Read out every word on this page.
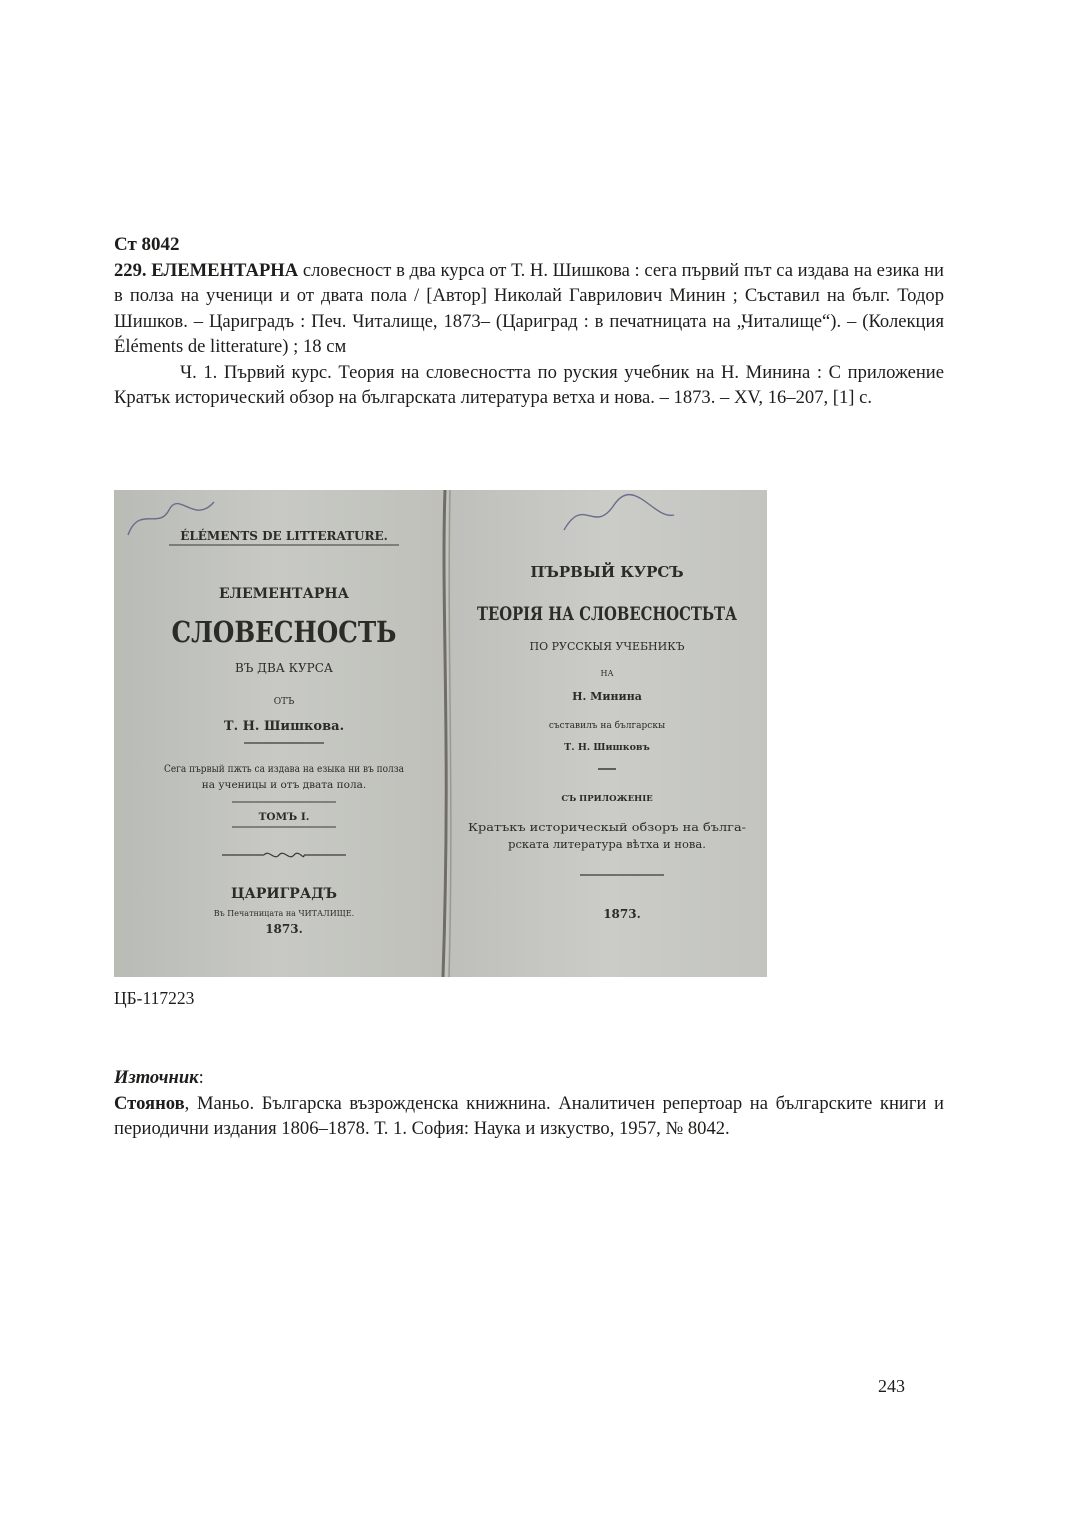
Ст 8042

229. ЕЛЕМЕНТАРНА словесност в два курса от Т. Н. Шишкова : сега първий път са издава на езика ни в полза на ученици и от двата пола / [Автор] Николай Гаврилович Минин ; Съставил на бълг. Тодор Шишков. – Цариградъ : Печ. Читалище, 1873– (Цариград : в печатницата на „Читалище“). – (Колекция Éléments de litterature) ; 18 см

Ч. 1. Първий курс. Теория на словесността по руския учебник на Н. Минина : С приложение Кратък исторический обзор на българската литература ветха и нова. – 1873. – XV, 16–207, [1] с.

ÉLÉMENTS DE LITTERATURE.
ЕЛЕМЕНТАРНА
СЛОВЕСНОСТЬ
ВЪ ДВА КУРСА
ОТЪ
Т. Н. Шишкова.
Сега първый пжть са издава на езыка ни въ полза
на ученицы и отъ двата пола.
ТОМЪ I.
ЦАРИГРАДЪ
Въ Печатницата на ЧИТАЛИЩЕ.
1873.
ПЪРВЫЙ КУРСЪ
ТЕОРІЯ НА СЛОВЕСНОСТЬТА
ПО РУССКЫЯ УЧЕБНИКЪ
НА
Н. Минина
съставилъ на българскы
Т. Н. Шишковъ
СЪ ПРИЛОЖЕНІЕ
Кратъкъ историческый обзоръ на бълга-
рската литература вѣтха и нова.
1873.
ЦБ-117223
Източник:

Стоянов, Маньо. Българска възрожденска книжнина. Аналитичен репертоар на българските книги и периодични издания 1806–1878. Т. 1. София: Наука и изкуство, 1957, № 8042.

243
